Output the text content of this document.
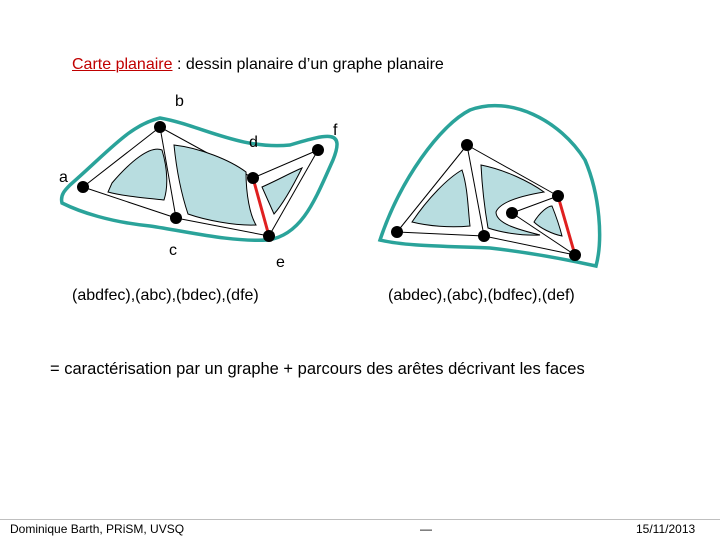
Carte planaire : dessin planaire d’un graphe planaire
b
f
d
a
c
e
(abdfec),(abc),(bdec),(dfe)	(abdec),(abc),(bdfec),(def)
= caractérisation par un graphe + parcours des arêtes décrivant les faces
Dominique Barth, PRiSM, UVSQ	—	15/11/2013
